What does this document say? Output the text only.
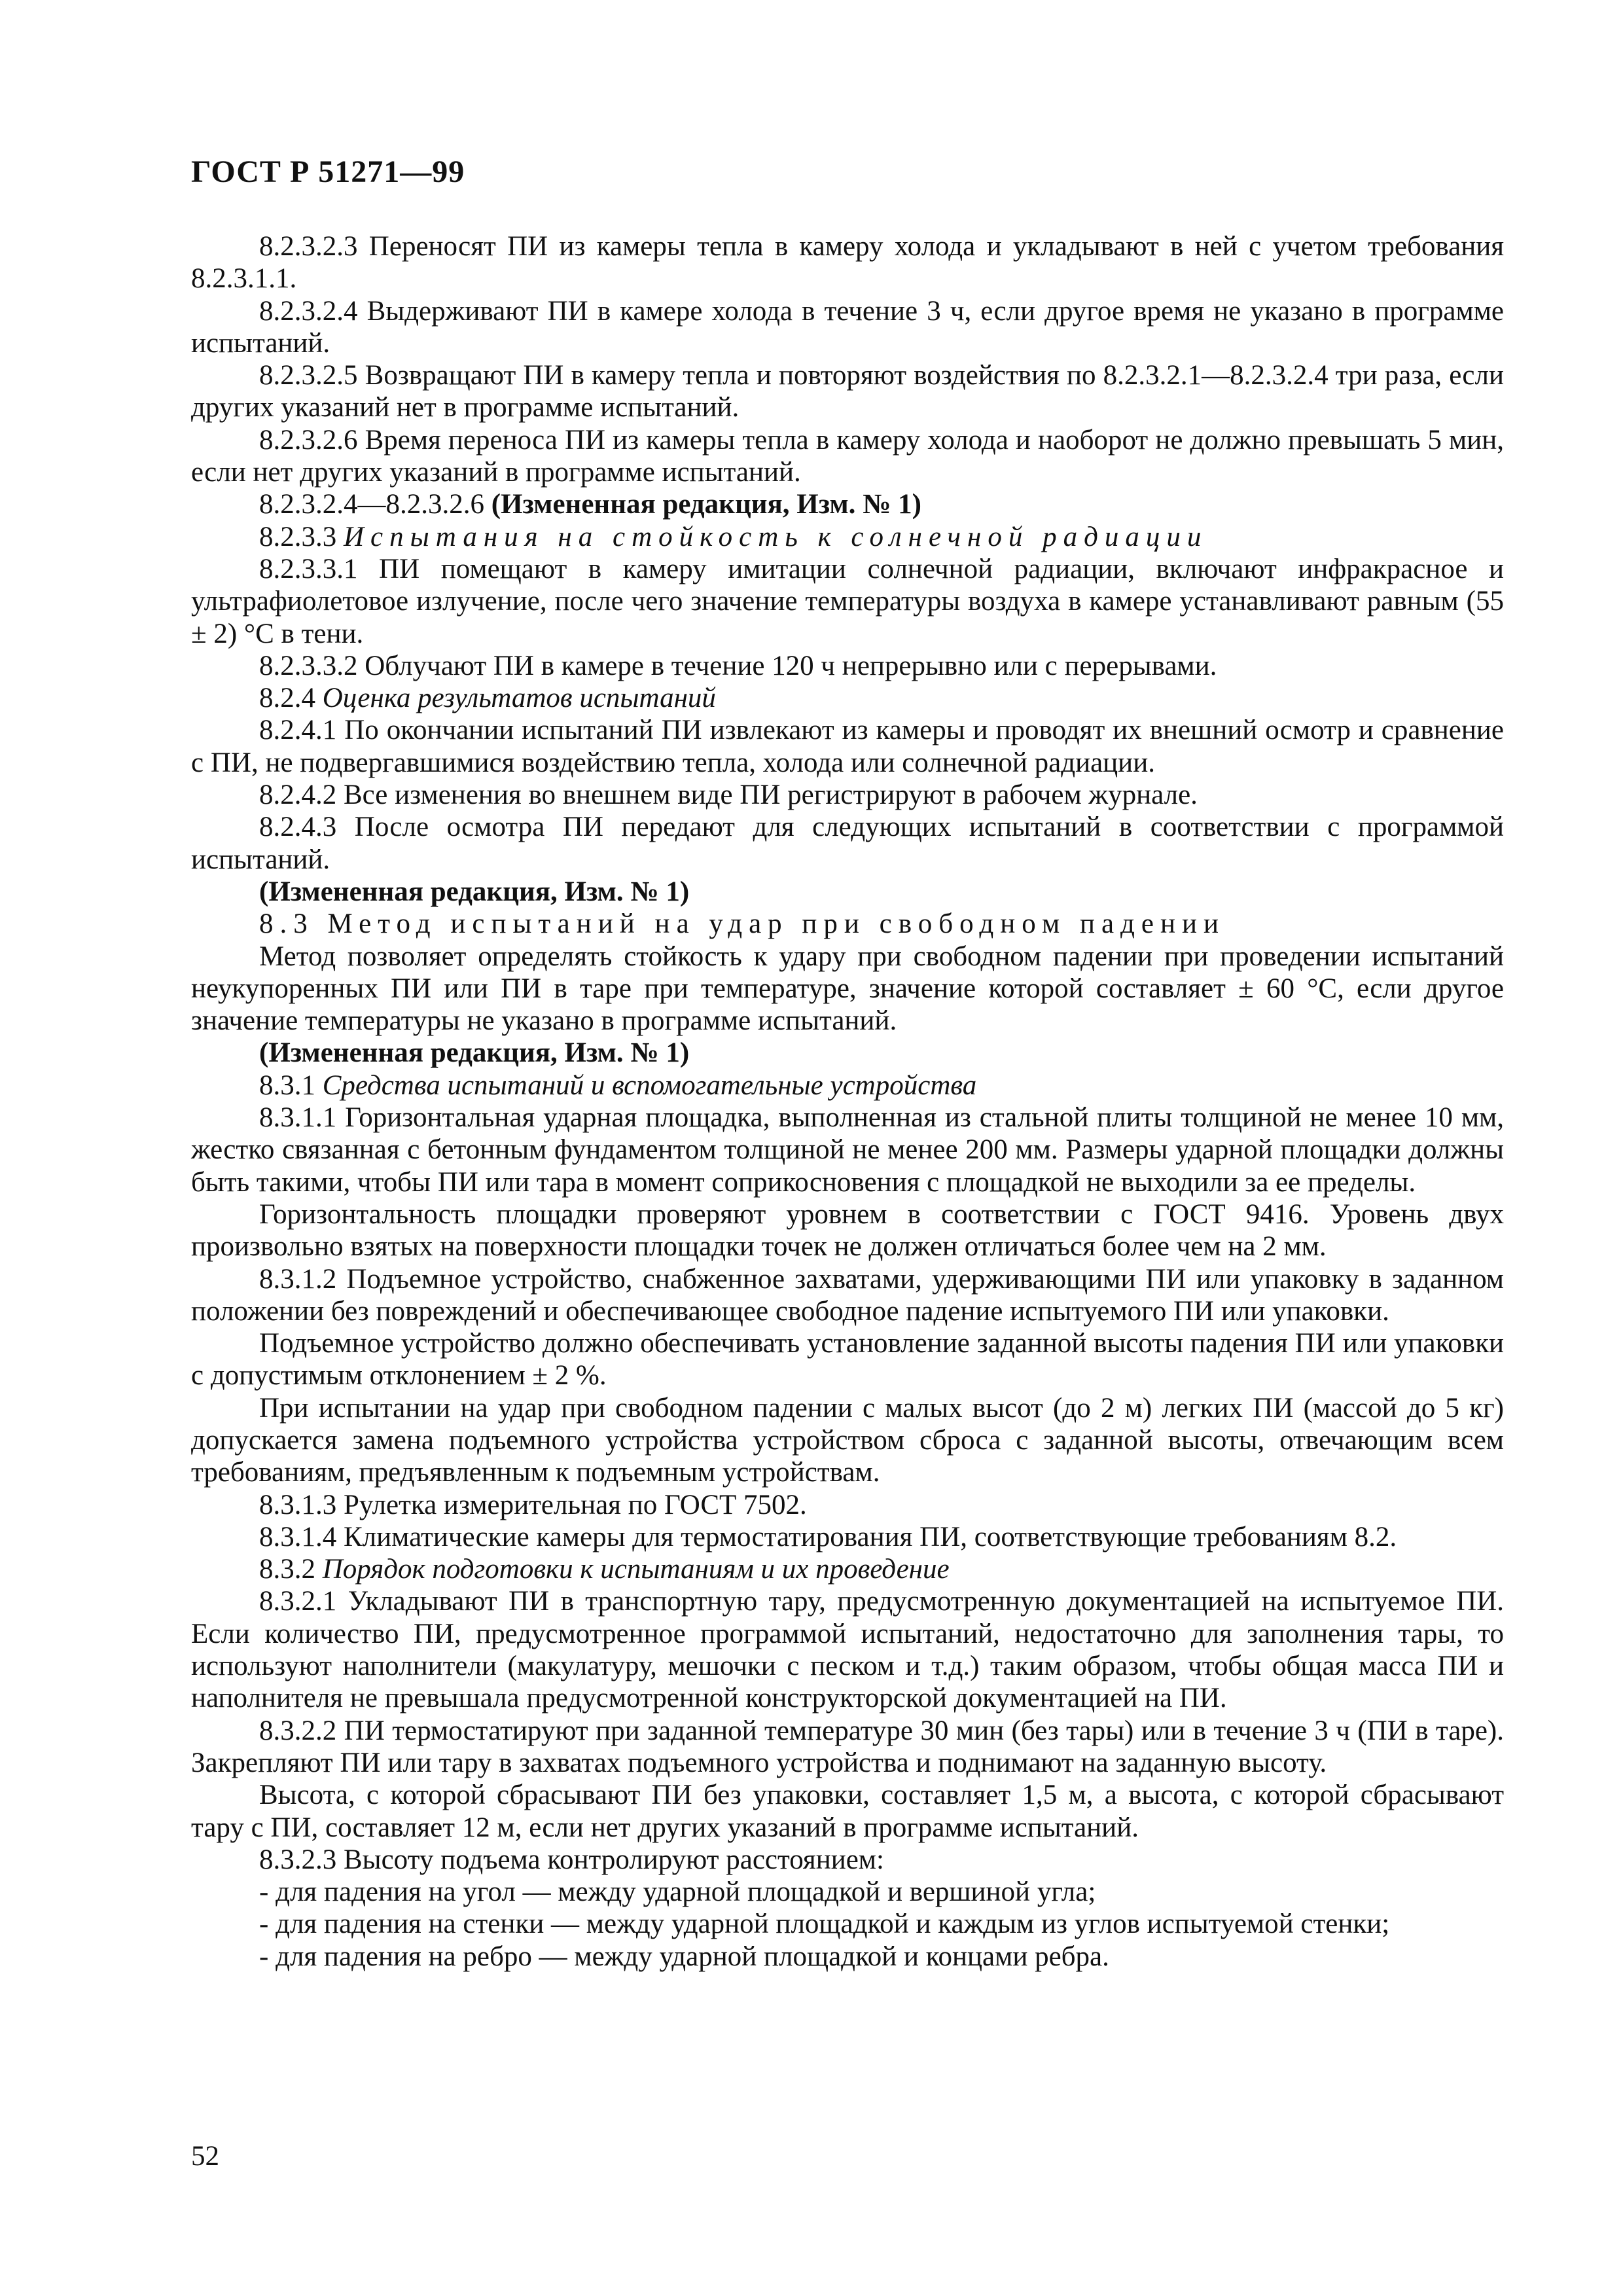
ГОСТ Р 51271—99

8.2.3.2.3 Переносят ПИ из камеры тепла в камеру холода и укладывают в ней с учетом требования 8.2.3.1.1.

8.2.3.2.4 Выдерживают ПИ в камере холода в течение 3 ч, если другое время не указано в программе испытаний.

8.2.3.2.5 Возвращают ПИ в камеру тепла и повторяют воздействия по 8.2.3.2.1—8.2.3.2.4 три раза, если других указаний нет в программе испытаний.

8.2.3.2.6 Время переноса ПИ из камеры тепла в камеру холода и наоборот не должно превышать 5 мин, если нет других указаний в программе испытаний.

8.2.3.2.4—8.2.3.2.6 (Измененная редакция, Изм. № 1)

8.2.3.3 Испытания на стойкость к солнечной радиации

8.2.3.3.1 ПИ помещают в камеру имитации солнечной радиации, включают инфракрасное и ультрафиолетовое излучение, после чего значение температуры воздуха в камере устанавливают равным (55 ± 2) °С в тени.

8.2.3.3.2 Облучают ПИ в камере в течение 120 ч непрерывно или с перерывами.

8.2.4 Оценка результатов испытаний

8.2.4.1 По окончании испытаний ПИ извлекают из камеры и проводят их внешний осмотр и сравнение с ПИ, не подвергавшимися воздействию тепла, холода или солнечной радиации.

8.2.4.2 Все изменения во внешнем виде ПИ регистрируют в рабочем журнале.

8.2.4.3 После осмотра ПИ передают для следующих испытаний в соответствии с программой испытаний.

(Измененная редакция, Изм. № 1)

8.3 Метод испытаний на удар при свободном падении

Метод позволяет определять стойкость к удару при свободном падении при проведении испытаний неукупоренных ПИ или ПИ в таре при температуре, значение которой составляет ± 60 °С, если другое значение температуры не указано в программе испытаний.

(Измененная редакция, Изм. № 1)

8.3.1 Средства испытаний и вспомогательные устройства

8.3.1.1 Горизонтальная ударная площадка, выполненная из стальной плиты толщиной не менее 10 мм, жестко связанная с бетонным фундаментом толщиной не менее 200 мм. Размеры ударной площадки должны быть такими, чтобы ПИ или тара в момент соприкосновения с площадкой не выходили за ее пределы.

Горизонтальность площадки проверяют уровнем в соответствии с ГОСТ 9416. Уровень двух произвольно взятых на поверхности площадки точек не должен отличаться более чем на 2 мм.

8.3.1.2 Подъемное устройство, снабженное захватами, удерживающими ПИ или упаковку в заданном положении без повреждений и обеспечивающее свободное падение испытуемого ПИ или упаковки.

Подъемное устройство должно обеспечивать установление заданной высоты падения ПИ или упаковки с допустимым отклонением ± 2 %.

При испытании на удар при свободном падении с малых высот (до 2 м) легких ПИ (массой до 5 кг) допускается замена подъемного устройства устройством сброса с заданной высоты, отвечающим всем требованиям, предъявленным к подъемным устройствам.

8.3.1.3 Рулетка измерительная по ГОСТ 7502.

8.3.1.4 Климатические камеры для термостатирования ПИ, соответствующие требованиям 8.2.

8.3.2 Порядок подготовки к испытаниям и их проведение

8.3.2.1 Укладывают ПИ в транспортную тару, предусмотренную документацией на испытуемое ПИ. Если количество ПИ, предусмотренное программой испытаний, недостаточно для заполнения тары, то используют наполнители (макулатуру, мешочки с песком и т.д.) таким образом, чтобы общая масса ПИ и наполнителя не превышала предусмотренной конструкторской документацией на ПИ.

8.3.2.2 ПИ термостатируют при заданной температуре 30 мин (без тары) или в течение 3 ч (ПИ в таре). Закрепляют ПИ или тару в захватах подъемного устройства и поднимают на заданную высоту.

Высота, с которой сбрасывают ПИ без упаковки, составляет 1,5 м, а высота, с которой сбрасывают тару с ПИ, составляет 12 м, если нет других указаний в программе испытаний.

8.3.2.3 Высоту подъема контролируют расстоянием:

- для падения на угол — между ударной площадкой и вершиной угла;

- для падения на стенки — между ударной площадкой и каждым из углов испытуемой стенки;

- для падения на ребро — между ударной площадкой и концами ребра.

52
